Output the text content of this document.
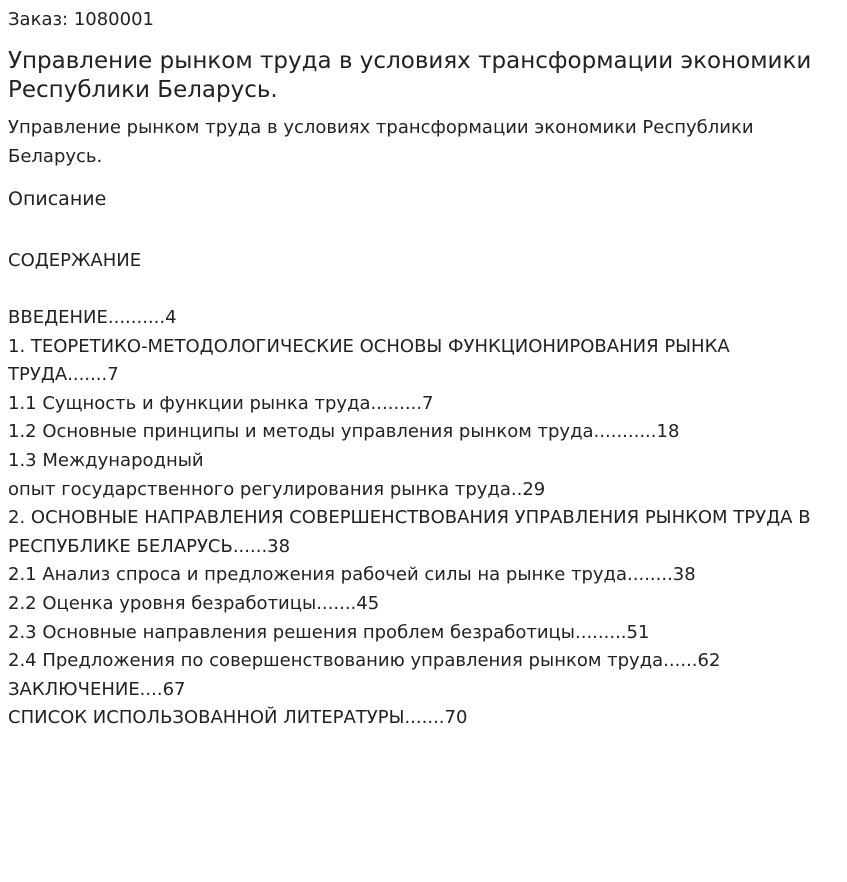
Заказ: 1080001
Управление рынком труда в условиях трансформации экономики Республики Беларусь.

Управление рынком труда в условиях трансформации экономики Республики Беларусь.

Описание
СОДЕРЖАНИЕ
ВВЕДЕНИЕ..........4
1. ТЕОРЕТИКО-МЕТОДОЛОГИЧЕСКИЕ ОСНОВЫ ФУНКЦИОНИРОВАНИЯ РЫНКА ТРУДА.......7
1.1 Сущность и функции рынка труда.........7
1.2 Основные принципы и методы управления рынком труда...........18
1.3 Международный
опыт государственного регулирования рынка труда..29
2. ОСНОВНЫЕ НАПРАВЛЕНИЯ СОВЕРШЕНСТВОВАНИЯ УПРАВЛЕНИЯ РЫНКОМ ТРУДА В РЕСПУБЛИКЕ БЕЛАРУСЬ......38
2.1 Анализ спроса и предложения рабочей силы на рынке труда........38
2.2 Оценка уровня безработицы.......45
2.3 Основные направления решения проблем безработицы.........51
2.4 Предложения по совершенствованию управления рынком труда......62
ЗАКЛЮЧЕНИЕ....67
СПИСОК ИСПОЛЬЗОВАННОЙ ЛИТЕРАТУРЫ.......70
